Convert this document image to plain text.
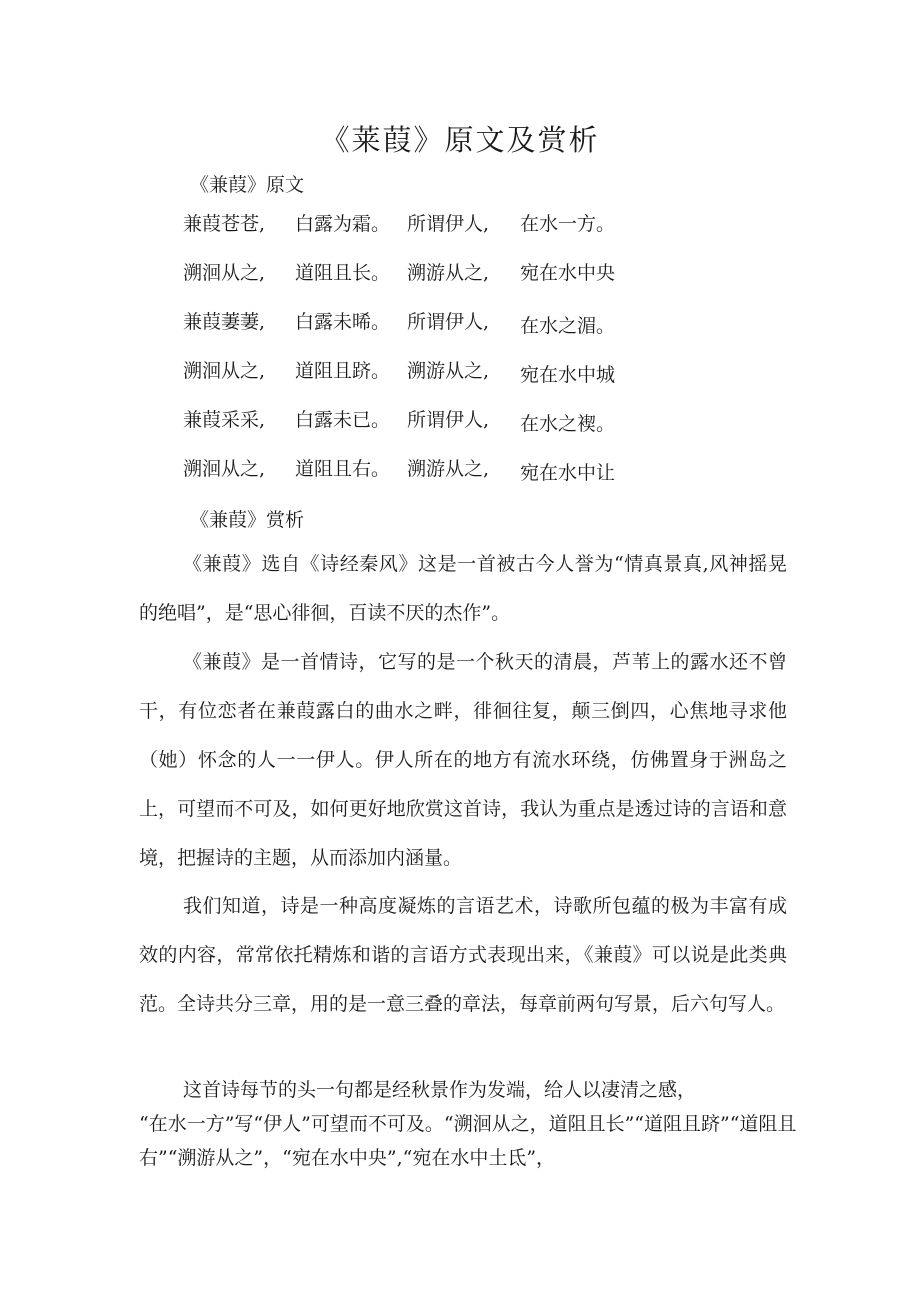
《莱葭》原文及赏析
《兼葭》原文
兼葭苍苍, 白露为霜。 所谓伊人, 在水一方。
溯洄从之, 道阻且长。 溯游从之, 宛在水中央
兼葭萋萋, 白露未晞。 所谓伊人, 在水之湄。
溯洄从之, 道阻且跻。 溯游从之, 宛在水中城
兼葭采采, 白露未已。 所谓伊人, 在水之褉。
溯洄从之, 道阻且右。 溯游从之, 宛在水中让
《兼葭》赏析

《兼葭》选自《诗经秦风》这是一首被古今人誉为“情真景真,风神摇晃的绝唱”，是“思心徘徊，百读不厌的杰作”。

《兼葭》是一首情诗，它写的是一个秋天的清晨，芦苇上的露水还不曾干，有位恋者在兼葭露白的曲水之畔，徘徊往复，颠三倒四，心焦地寻求他（她）怀念的人一一伊人。伊人所在的地方有流水环绕，仿佛置身于洲岛之上，可望而不可及，如何更好地欣赏这首诗，我认为重点是透过诗的言语和意境，把握诗的主题，从而添加内涵量。

我们知道，诗是一种高度凝炼的言语艺术，诗歌所包蕴的极为丰富有成效的内容，常常依托精炼和谐的言语方式表现出来，《兼葭》可以说是此类典范。全诗共分三章，用的是一意三叠的章法，每章前两句写景，后六句写人。

这首诗每节的头一句都是经秋景作为发端，给人以凄清之感，
“在水一方”写“伊人”可望而不可及。“溯洄从之，道阻且长”“道阻且跻”“道阻且右”“溯游从之”，“宛在水中央”,“宛在水中土氐”，
